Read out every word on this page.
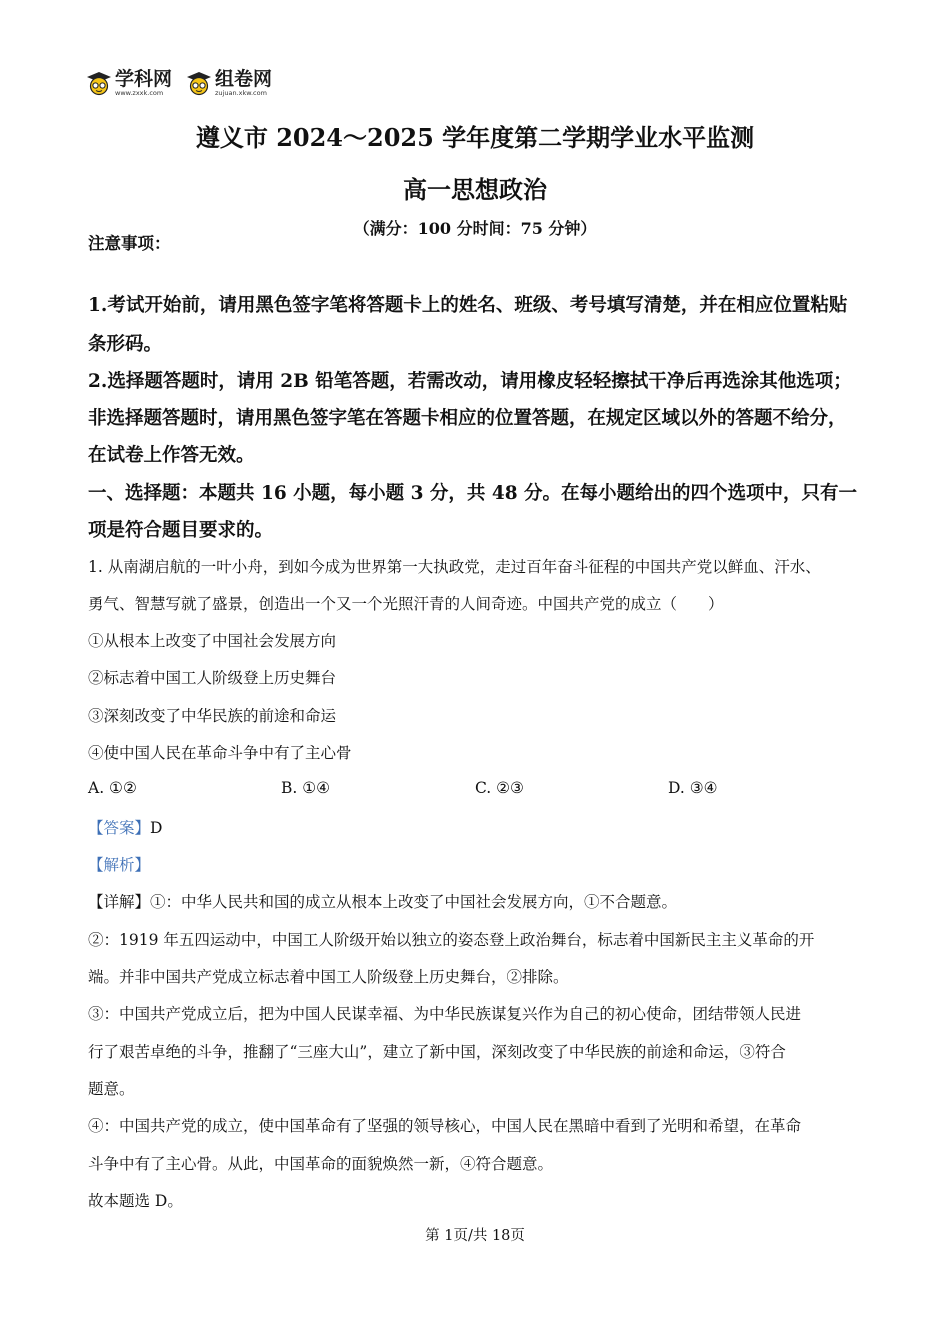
学科网
www.zxxk.com
组卷网
zujuan.xkw.com
遵义市 2024～2025 学年度第二学期学业水平监测
高一思想政治
（满分：100 分时间：75 分钟）
注意事项：
1.考试开始前，请用黑色签字笔将答题卡上的姓名、班级、考号填写清楚，并在相应位置粘贴
条形码。
2.选择题答题时，请用 2B 铅笔答题，若需改动，请用橡皮轻轻擦拭干净后再选涂其他选项；
非选择题答题时，请用黑色签字笔在答题卡相应的位置答题，在规定区域以外的答题不给分，
在试卷上作答无效。
一、选择题：本题共 16 小题，每小题 3 分，共 48 分。在每小题给出的四个选项中，只有一
项是符合题目要求的。
1. 从南湖启航的一叶小舟，到如今成为世界第一大执政党，走过百年奋斗征程的中国共产党以鲜血、汗水、
勇气、智慧写就了盛景，创造出一个又一个光照汗青的人间奇迹。中国共产党的成立（　　）
①从根本上改变了中国社会发展方向
②标志着中国工人阶级登上历史舞台
③深刻改变了中华民族的前途和命运
④使中国人民在革命斗争中有了主心骨
A. ①②	B. ①④	C. ②③	D. ③④
【答案】D
【解析】
【详解】①：中华人民共和国的成立从根本上改变了中国社会发展方向，①不合题意。
②：1919 年五四运动中，中国工人阶级开始以独立的姿态登上政治舞台，标志着中国新民主主义革命的开
端。并非中国共产党成立标志着中国工人阶级登上历史舞台，②排除。
③：中国共产党成立后，把为中国人民谋幸福、为中华民族谋复兴作为自己的初心使命，团结带领人民进
行了艰苦卓绝的斗争，推翻了“三座大山”，建立了新中国，深刻改变了中华民族的前途和命运，③符合
题意。
④：中国共产党的成立，使中国革命有了坚强的领导核心，中国人民在黑暗中看到了光明和希望，在革命
斗争中有了主心骨。从此，中国革命的面貌焕然一新，④符合题意。
故本题选 D。
第 1页/共 18页
